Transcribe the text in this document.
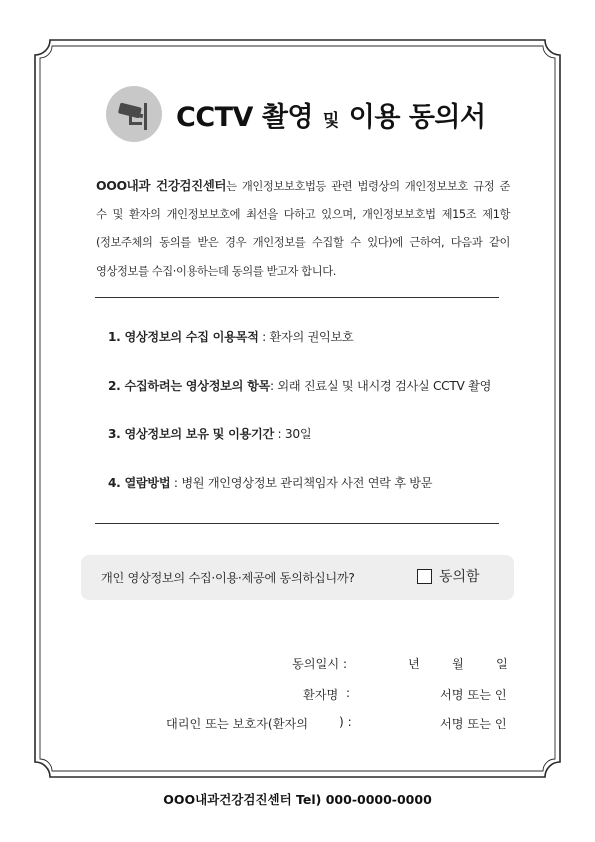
CCTV 촬영 및 이용 동의서
OOO내과 건강검진센터는 개인정보보호법등 관련 법령상의 개인정보보호 규정 준
수 및 환자의 개인정보보호에 최선을 다하고 있으며, 개인정보보호법 제15조 제1항
(정보주체의 동의를 받은 경우 개인정보를 수집할 수 있다)에 근하여, 다음과 같이
영상정보를 수집·이용하는데 동의를 받고자 합니다.
1. 영상정보의 수집 이용목적 : 환자의 권익보호
2. 수집하려는 영상정보의 항목: 외래 진료실 및 내시경 검사실 CCTV 촬영
3. 영상정보의 보유 및 이용기간 : 30일
4. 열람방법 : 병원 개인영상정보 관리책임자 사전 연락 후 방문
개인 영상정보의 수집·이용·제공에 동의하십니까?	동의함
동의일시 :	년	월	일
환자명 :	서명 또는 인
대리인 또는 보호자(환자의	) :	서명 또는 인
OOO내과건강검진센터 Tel) 000-0000-0000
